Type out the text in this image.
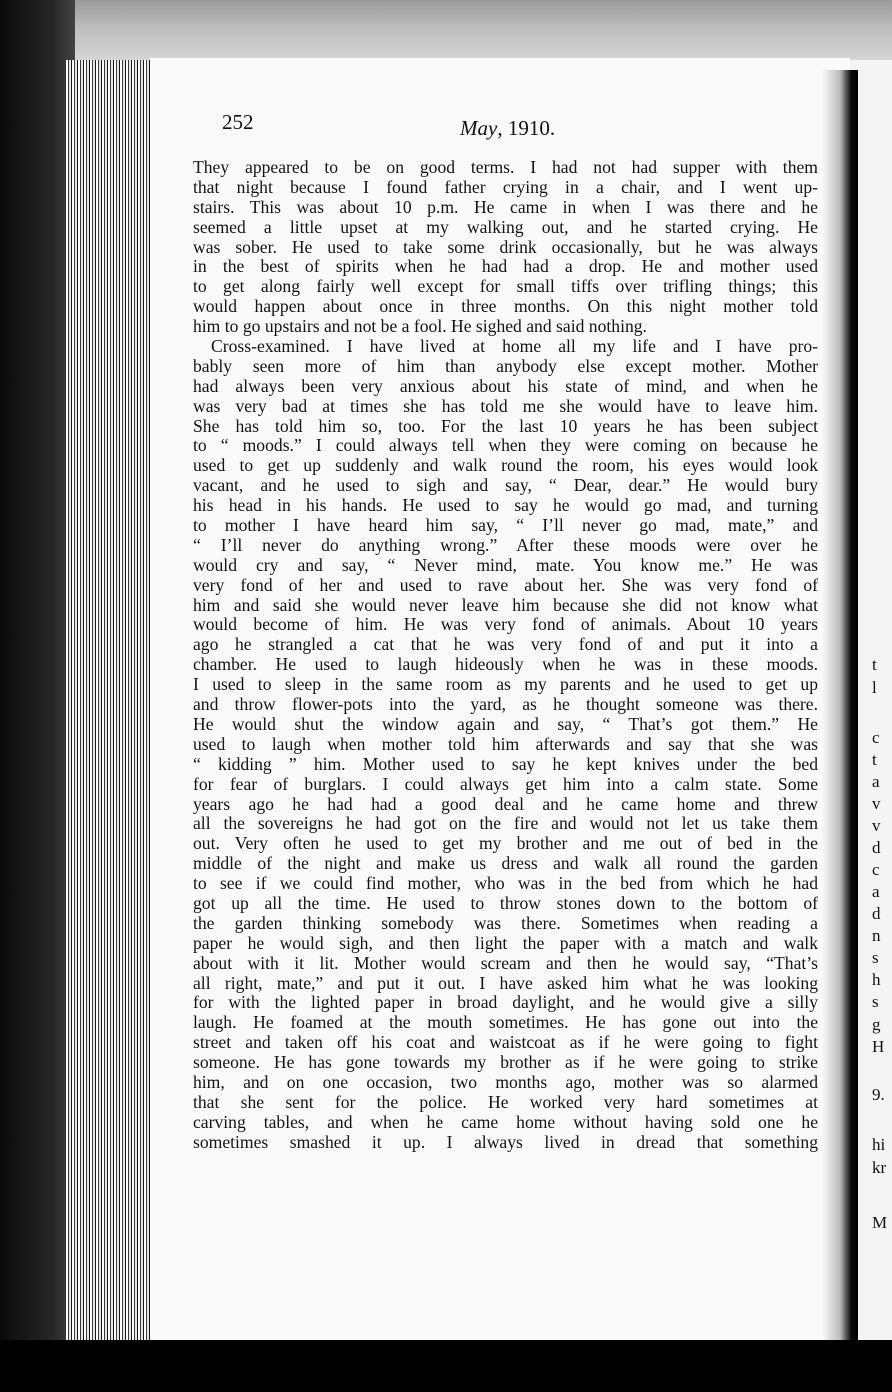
252	May, 1910.
They appeared to be on good terms. I had not had supper with them
that night because I found father crying in a chair, and I went up-
stairs. This was about 10 p.m. He came in when I was there and he
seemed a little upset at my walking out, and he started crying. He
was sober. He used to take some drink occasionally, but he was always
in the best of spirits when he had had a drop. He and mother used
to get along fairly well except for small tiffs over trifling things; this
would happen about once in three months. On this night mother told
him to go upstairs and not be a fool. He sighed and said nothing.
Cross-examined. I have lived at home all my life and I have pro-
bably seen more of him than anybody else except mother. Mother
had always been very anxious about his state of mind, and when he
was very bad at times she has told me she would have to leave him.
She has told him so, too. For the last 10 years he has been subject
to “ moods.” I could always tell when they were coming on because he
used to get up suddenly and walk round the room, his eyes would look
vacant, and he used to sigh and say, “ Dear, dear.” He would bury
his head in his hands. He used to say he would go mad, and turning
to mother I have heard him say, “ I’ll never go mad, mate,” and
“ I’ll never do anything wrong.” After these moods were over he
would cry and say, “ Never mind, mate. You know me.” He was
very fond of her and used to rave about her. She was very fond of
him and said she would never leave him because she did not know what
would become of him. He was very fond of animals. About 10 years
ago he strangled a cat that he was very fond of and put it into a
chamber. He used to laugh hideously when he was in these moods.
I used to sleep in the same room as my parents and he used to get up
and throw flower-pots into the yard, as he thought someone was there.
He would shut the window again and say, “ That’s got them.” He
used to laugh when mother told him afterwards and say that she was
“ kidding ” him. Mother used to say he kept knives under the bed
for fear of burglars. I could always get him into a calm state. Some
years ago he had had a good deal and he came home and threw
all the sovereigns he had got on the fire and would not let us take them
out. Very often he used to get my brother and me out of bed in the
middle of the night and make us dress and walk all round the garden
to see if we could find mother, who was in the bed from which he had
got up all the time. He used to throw stones down to the bottom of
the garden thinking somebody was there. Sometimes when reading a
paper he would sigh, and then light the paper with a match and walk
about with it lit. Mother would scream and then he would say, “That’s
all right, mate,” and put it out. I have asked him what he was looking
for with the lighted paper in broad daylight, and he would give a silly
laugh. He foamed at the mouth sometimes. He has gone out into the
street and taken off his coat and waistcoat as if he were going to fight
someone. He has gone towards my brother as if he were going to strike
him, and on one occasion, two months ago, mother was so alarmed
that she sent for the police. He worked very hard sometimes at
carving tables, and when he came home without having sold one he
sometimes smashed it up. I always lived in dread that something
t
l
c
t
a
v
v
d
c
a
d
n
s
h
s
g
H
9.
hi
kr
M
